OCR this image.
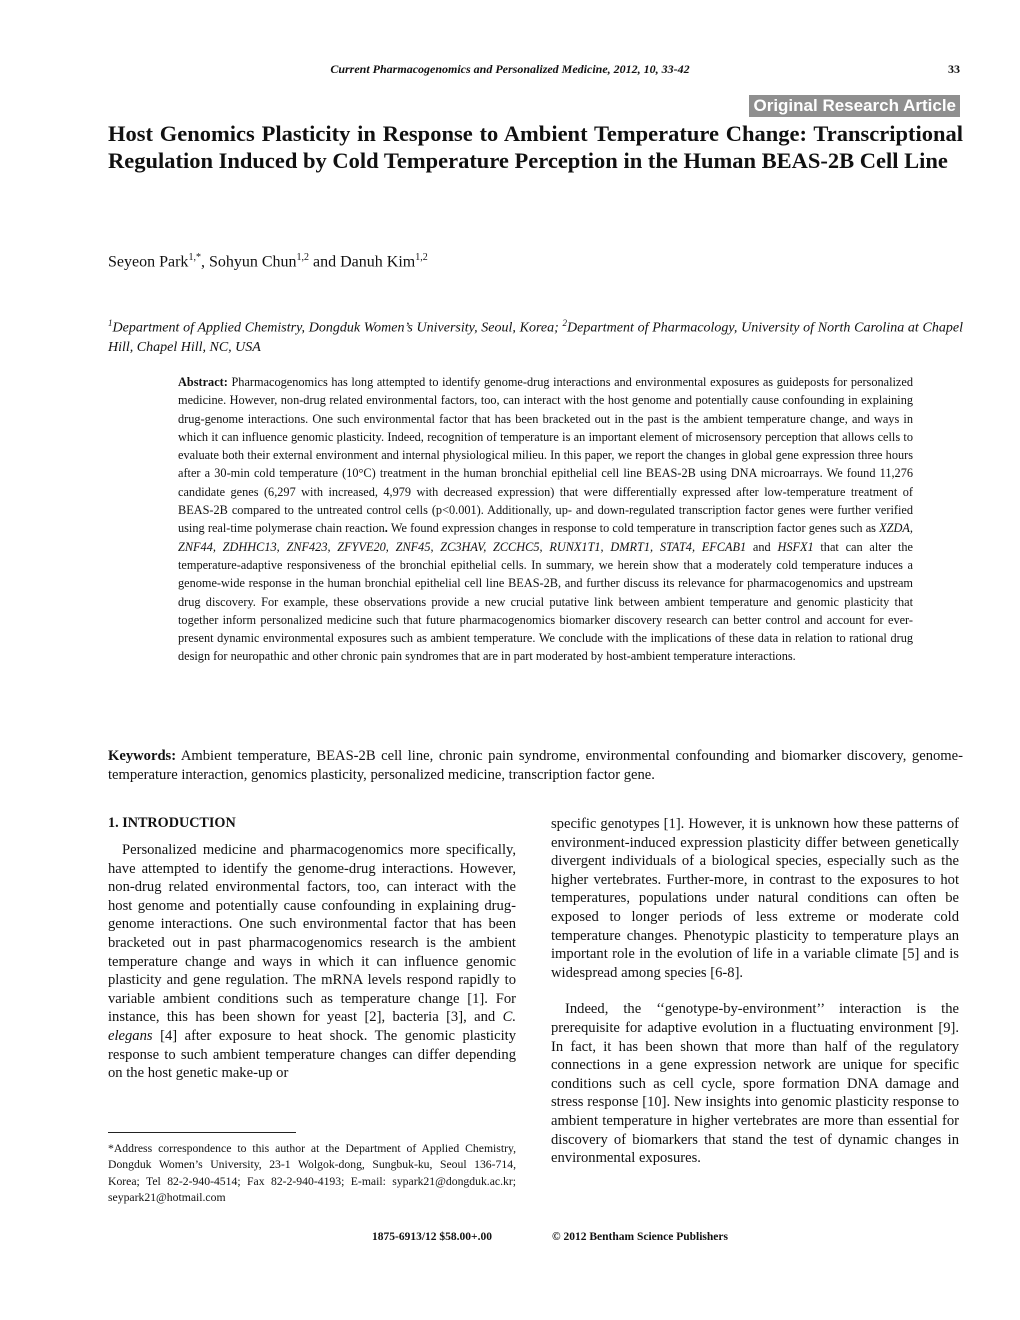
Current Pharmacogenomics and Personalized Medicine, 2012, 10, 33-42	33
Original Research Article
Host Genomics Plasticity in Response to Ambient Temperature Change: Transcriptional Regulation Induced by Cold Temperature Perception in the Human BEAS-2B Cell Line
Seyeon Park$^{1,*}$, Sohyun Chun$^{1,2}$ and Danuh Kim$^{1,2}$
$^1$Department of Applied Chemistry, Dongduk Women’s University, Seoul, Korea; $^2$Department of Pharmacology, University of North Carolina at Chapel Hill, Chapel Hill, NC, USA
Abstract: Pharmacogenomics has long attempted to identify genome-drug interactions and environmental exposures as guideposts for personalized medicine. However, non-drug related environmental factors, too, can interact with the host genome and potentially cause confounding in explaining drug-genome interactions. One such environmental factor that has been bracketed out in the past is the ambient temperature change, and ways in which it can influence genomic plasticity. Indeed, recognition of temperature is an important element of microsensory perception that allows cells to evaluate both their external environment and internal physiological milieu. In this paper, we report the changes in global gene expression three hours after a 30-min cold temperature (10°C) treatment in the human bronchial epithelial cell line BEAS-2B using DNA microarrays. We found 11,276 candidate genes (6,297 with increased, 4,979 with decreased expression) that were differentially expressed after low-temperature treatment of BEAS-2B compared to the untreated control cells (p<0.001). Additionally, up- and down-regulated transcription factor genes were further verified using real-time polymerase chain reaction. We found expression changes in response to cold temperature in transcription factor genes such as XZDA, ZNF44, ZDHHC13, ZNF423, ZFYVE20, ZNF45, ZC3HAV, ZCCHC5, RUNX1T1, DMRT1, STAT4, EFCAB1 and HSFX1 that can alter the temperature-adaptive responsiveness of the bronchial epithelial cells. In summary, we herein show that a moderately cold temperature induces a genome-wide response in the human bronchial epithelial cell line BEAS-2B, and further discuss its relevance for pharmacogenomics and upstream drug discovery. For example, these observations provide a new crucial putative link between ambient temperature and genomic plasticity that together inform personalized medicine such that future pharmacogenomics biomarker discovery research can better control and account for ever-present dynamic environmental exposures such as ambient temperature. We conclude with the implications of these data in relation to rational drug design for neuropathic and other chronic pain syndromes that are in part moderated by host-ambient temperature interactions.
Keywords: Ambient temperature, BEAS-2B cell line, chronic pain syndrome, environmental confounding and biomarker discovery, genome-temperature interaction, genomics plasticity, personalized medicine, transcription factor gene.
1. INTRODUCTION

Personalized medicine and pharmacogenomics more specifically, have attempted to identify the genome-drug interactions. However, non-drug related environmental factors, too, can interact with the host genome and potentially cause confounding in explaining drug-genome interactions. One such environmental factor that has been bracketed out in past pharmacogenomics research is the ambient temperature change and ways in which it can influence genomic plasticity and gene regulation. The mRNA levels respond rapidly to variable ambient conditions such as temperature change [1]. For instance, this has been shown for yeast [2], bacteria [3], and C. elegans [4] after exposure to heat shock. The genomic plasticity response to such ambient temperature changes can differ depending on the host genetic make-up or

specific genotypes [1]. However, it is unknown how these patterns of environment-induced expression plasticity differ between genetically divergent individuals of a biological species, especially such as the higher vertebrates. Further-more, in contrast to the exposures to hot temperatures, populations under natural conditions can often be exposed to longer periods of less extreme or moderate cold temperature changes. Phenotypic plasticity to temperature plays an important role in the evolution of life in a variable climate [5] and is widespread among species [6-8].

Indeed, the ‘‘genotype-by-environment’’ interaction is the prerequisite for adaptive evolution in a fluctuating environment [9]. In fact, it has been shown that more than half of the regulatory connections in a gene expression network are unique for specific conditions such as cell cycle, spore formation DNA damage and stress response [10]. New insights into genomic plasticity response to ambient temperature in higher vertebrates are more than essential for discovery of biomarkers that stand the test of dynamic changes in environmental exposures.

*Address correspondence to this author at the Department of Applied Chemistry, Dongduk Women’s University, 23-1 Wolgok-dong, Sungbuk-ku, Seoul 136-714, Korea; Tel 82-2-940-4514; Fax 82-2-940-4193; E-mail: sypark21@dongduk.ac.kr; seypark21@hotmail.com
1875-6913/12 $58.00+.00	© 2012 Bentham Science Publishers
